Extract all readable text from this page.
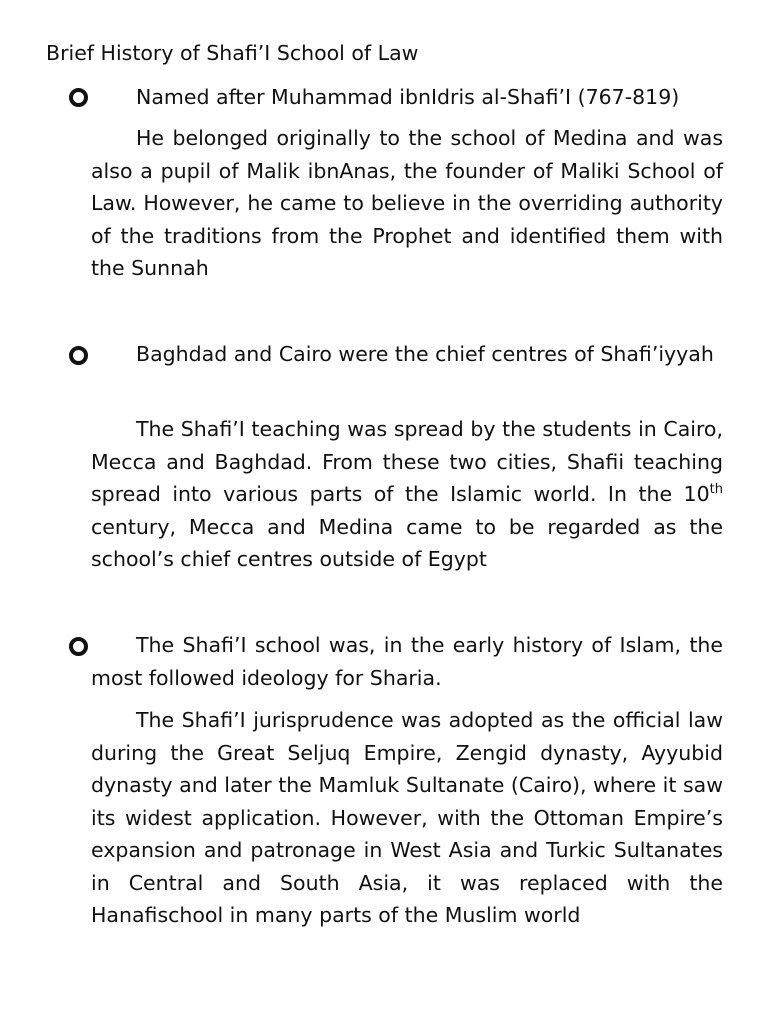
Brief History of Shafi’I School of Law
Named after Muhammad ibnIdris al-Shafi’I (767-819)
He belonged originally to the school of Medina and was also a pupil of Malik ibnAnas, the founder of Maliki School of Law. However, he came to believe in the overriding authority of the traditions from the Prophet and identified them with the Sunnah
Baghdad and Cairo were the chief centres of Shafi’iyyah
The Shafi’I teaching was spread by the students in Cairo, Mecca and Baghdad. From these two cities, Shafii teaching spread into various parts of the Islamic world. In the 10th century, Mecca and Medina came to be regarded as the school’s chief centres outside of Egypt
The Shafi’I school was, in the early history of Islam, the most followed ideology for Sharia.
The Shafi’I jurisprudence was adopted as the official law during the Great Seljuq Empire, Zengid dynasty, Ayyubid dynasty and later the Mamluk Sultanate (Cairo), where it saw its widest application. However, with the Ottoman Empire’s expansion and patronage in West Asia and Turkic Sultanates in Central and South Asia, it was replaced with the Hanafischool in many parts of the Muslim world
